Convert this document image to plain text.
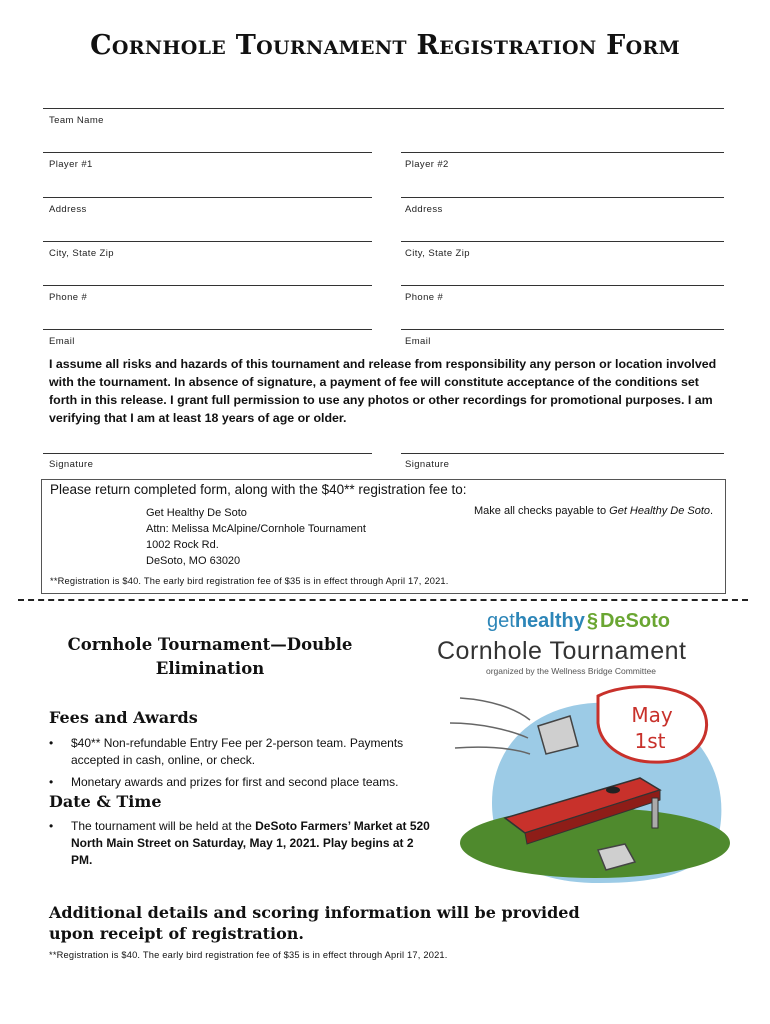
Cornhole Tournament Registration Form
Team Name
Player #1	Player #2
Address	Address
City, State Zip	City, State Zip
Phone #	Phone #
Email	Email
I assume all risks and hazards of this tournament and release from responsibility any person or location involved with the tournament. In absence of signature, a payment of fee will constitute acceptance of the conditions set forth in this release. I grant full permission to use any photos or other recordings for promotional purposes. I am verifying that I am at least 18 years of age or older.
Signature	Signature
Please return completed form, along with the $40** registration fee to:
Get Healthy De Soto
Attn: Melissa McAlpine/Cornhole Tournament
1002 Rock Rd.
DeSoto, MO 63020
Make all checks payable to Get Healthy De Soto.
**Registration is $40. The early bird registration fee of $35 is in effect through April 17, 2021.
Cornhole Tournament—Double Elimination
Fees and Awards
• $40** Non-refundable Entry Fee per 2-person team. Payments accepted in cash, online, or check.
• Monetary awards and prizes for first and second place teams.
Date & Time
• The tournament will be held at the DeSoto Farmers’ Market at 520 North Main Street on Saturday, May 1, 2021. Play begins at 2 PM.
Additional details and scoring information will be provided upon receipt of registration.
**Registration is $40. The early bird registration fee of $35 is in effect through April 17, 2021.
gethealthy § DeSoto
Cornhole Tournament
organized by the Wellness Bridge Committee
May
1st
